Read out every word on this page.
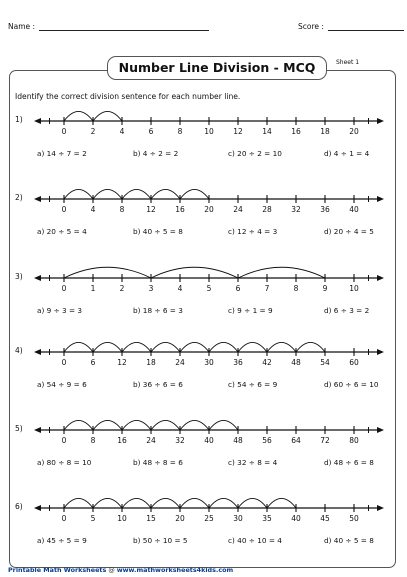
Name :	Score :
Number Line Division - MCQ	Sheet 1
Identify the correct division sentence for each number line.
1)
0	2	4	6	8	10	12	14	16	18	20
a) 14 ÷ 7 = 2	b) 4 ÷ 2 = 2	c) 20 ÷ 2 = 10	d) 4 ÷ 1 = 4
2)
0	4	8	12	16	20	24	28	32	36	40
a) 20 ÷ 5 = 4	b) 40 ÷ 5 = 8	c) 12 ÷ 4 = 3	d) 20 ÷ 4 = 5
3)
0	1	2	3	4	5	6	7	8	9	10
a) 9 ÷ 3 = 3	b) 18 ÷ 6 = 3	c) 9 ÷ 1 = 9	d) 6 ÷ 3 = 2
4)
0	6	12	18	24	30	36	42	48	54	60
a) 54 ÷ 9 = 6	b) 36 ÷ 6 = 6	c) 54 ÷ 6 = 9	d) 60 ÷ 6 = 10
5)
0	8	16	24	32	40	48	56	64	72	80
a) 80 ÷ 8 = 10	b) 48 ÷ 8 = 6	c) 32 ÷ 8 = 4	d) 48 ÷ 6 = 8
6)
0	5	10	15	20	25	30	35	40	45	50
a) 45 ÷ 5 = 9	b) 50 ÷ 10 = 5	c) 40 ÷ 10 = 4	d) 40 ÷ 5 = 8
Printable Math Worksheets @ www.mathworksheets4kids.com
